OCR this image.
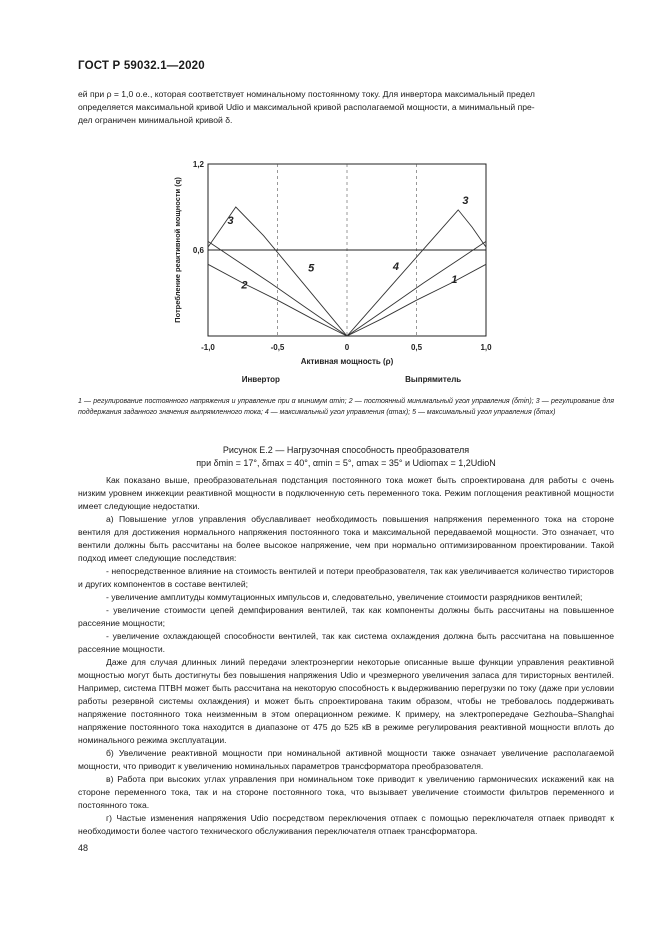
ГОСТ Р 59032.1—2020

ей при ρ = 1,0 о.е., которая соответствует номинальному постоянному току. Для инвертора максимальный предел

определяется максимальной кривой Udio и максимальной кривой располагаемой мощности, а минимальный пре-

дел ограничен минимальной кривой δ.

3
2
5	4
3
1
-1,0	-0,5	0	0,5	1,0
1,2
0,6
Активная мощность (ρ)
Потребление реактивной мощности (q)
Инвертор	Выпрямитель
1 — регулирование постоянного напряжения и управление при α минимум αmin; 2 — постоянный минимальный угол управления (δmin); 3 — регулирование для поддержания заданного значения выпрямленного тока; 4 — максимальный угол управления (αmax); 5 — максимальный угол управления (δmax)
Рисунок Е.2 — Нагрузочная способность преобразователя
при δmin = 17°, δmax = 40°, αmin = 5°, αmax = 35° и Udiomax = 1,2UdioN

Как показано выше, преобразовательная подстанция постоянного тока может быть спроектирована для работы с очень низким уровнем инжекции реактивной мощности в подключенную сеть переменного тока. Режим поглощения реактивной мощности имеет следующие недостатки.

а) Повышение углов управления обуславливает необходимость повышения напряжения переменного тока на стороне вентиля для достижения нормального напряжения постоянного тока и максимальной передаваемой мощности. Это означает, что вентили должны быть рассчитаны на более высокое напряжение, чем при нормально оптимизированном проектировании. Такой подход имеет следующие последствия:

- непосредственное влияние на стоимость вентилей и потери преобразователя, так как увеличивается количество тиристоров и других компонентов в составе вентилей;

- увеличение амплитуды коммутационных импульсов и, следовательно, увеличение стоимости разрядников вентилей;

- увеличение стоимости цепей демпфирования вентилей, так как компоненты должны быть рассчитаны на повышенное рассеяние мощности;

- увеличение охлаждающей способности вентилей, так как система охлаждения должна быть рассчитана на повышенное рассеяние мощности.

Даже для случая длинных линий передачи электроэнергии некоторые описанные выше функции управления реактивной мощностью могут быть достигнуты без повышения напряжения Udio и чрезмерного увеличения запаса для тиристорных вентилей. Например, система ПТВН может быть рассчитана на некоторую способность к выдерживанию перегрузки по току (даже при условии работы резервной системы охлаждения) и может быть спроектирована таким образом, чтобы не требовалось поддерживать напряжение постоянного тока неизменным в этом операционном режиме. К примеру, на электропередаче Gezhouba–Shanghai напряжение постоянного тока находится в диапазоне от 475 до 525 кВ в режиме регулирования реактивной мощности вплоть до номинального режима эксплуатации.

б) Увеличение реактивной мощности при номинальной активной мощности также означает увеличение располагаемой мощности, что приводит к увеличению номинальных параметров трансформатора преобразователя.

в) Работа при высоких углах управления при номинальном токе приводит к увеличению гармонических искажений как на стороне переменного тока, так и на стороне постоянного тока, что вызывает увеличение стоимости фильтров переменного и постоянного тока.

г) Частые изменения напряжения Udio посредством переключения отпаек с помощью переключателя отпаек приводят к необходимости более частого технического обслуживания переключателя отпаек трансформатора.

48
